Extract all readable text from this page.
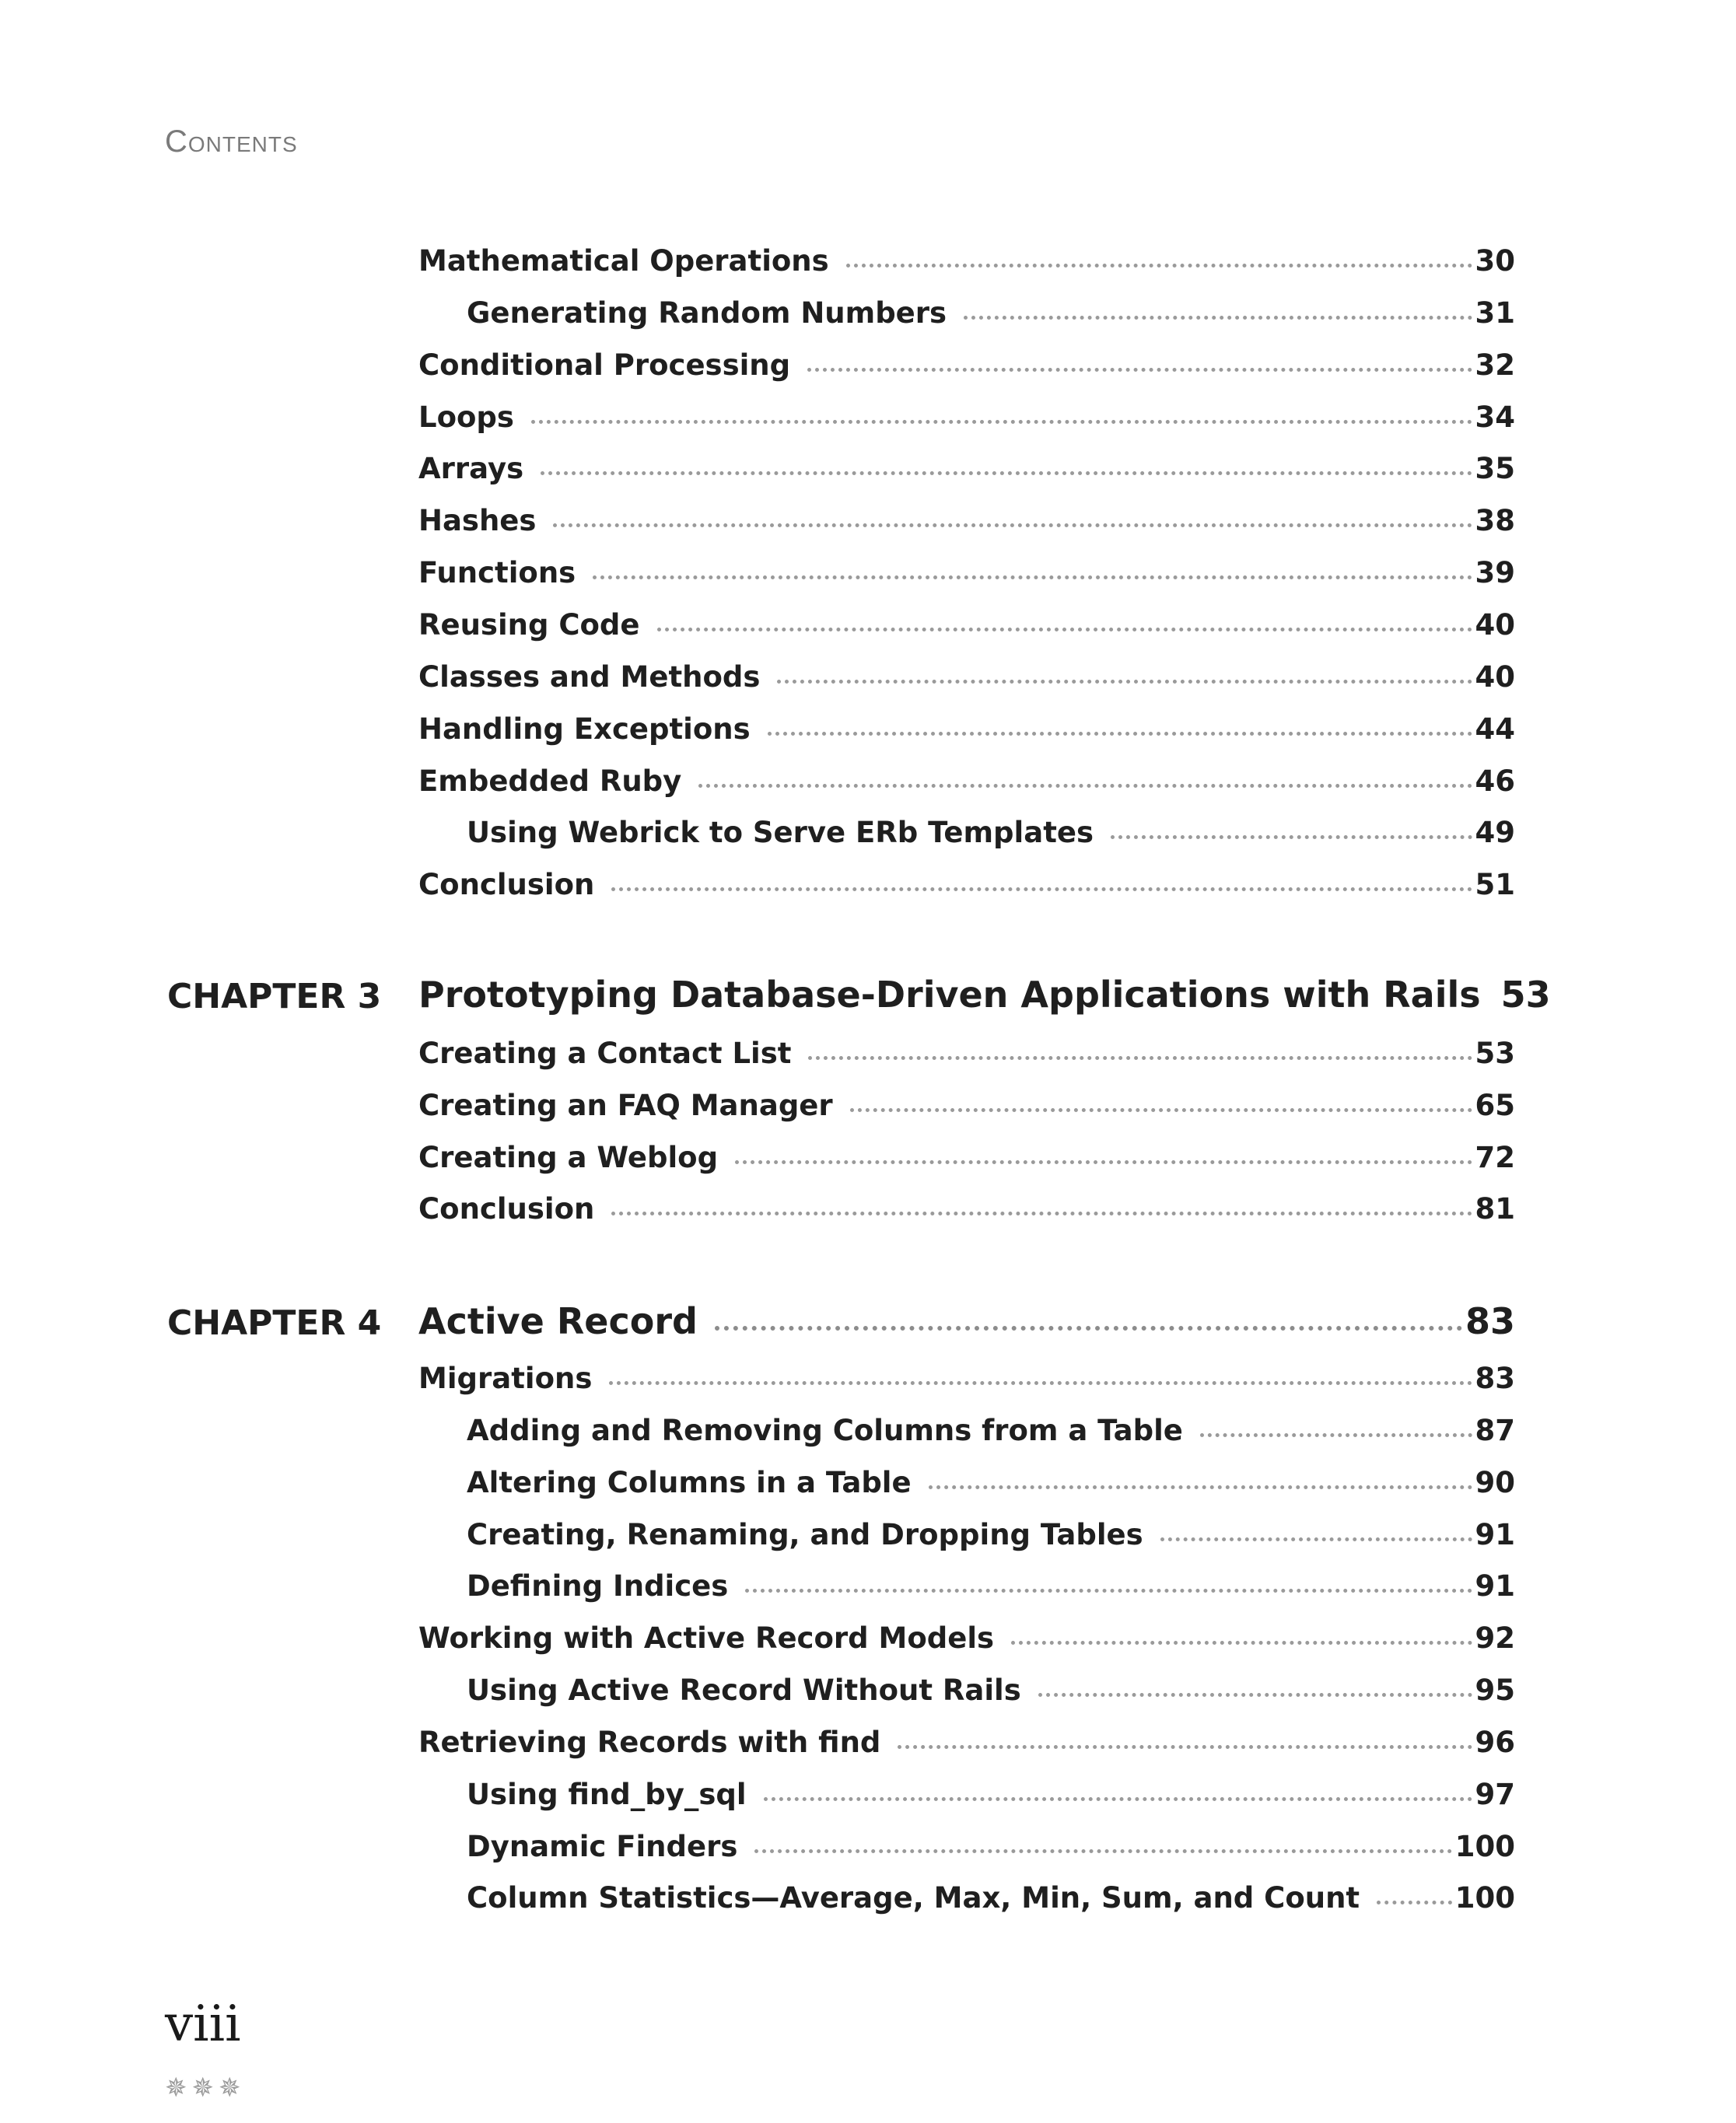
Contents
Mathematical Operations	30
Generating Random Numbers	31
Conditional Processing	32
Loops	34
Arrays	35
Hashes	38
Functions	39
Reusing Code	40
Classes and Methods	40
Handling Exceptions	44
Embedded Ruby	46
Using Webrick to Serve ERb Templates	49
Conclusion	51
CHAPTER 3 Prototyping Database-Driven Applications with Rails 53
Creating a Contact List	53
Creating an FAQ Manager	65
Creating a Weblog	72
Conclusion	81
CHAPTER 4 Active Record	83
Migrations	83
Adding and Removing Columns from a Table	87
Altering Columns in a Table	90
Creating, Renaming, and Dropping Tables	91
Defining Indices	91
Working with Active Record Models	92
Using Active Record Without Rails	95
Retrieving Records with find	96
Using find_by_sql	97
Dynamic Finders	100
Column Statistics—Average, Max, Min, Sum, and Count	100
viii
✵✵✵
